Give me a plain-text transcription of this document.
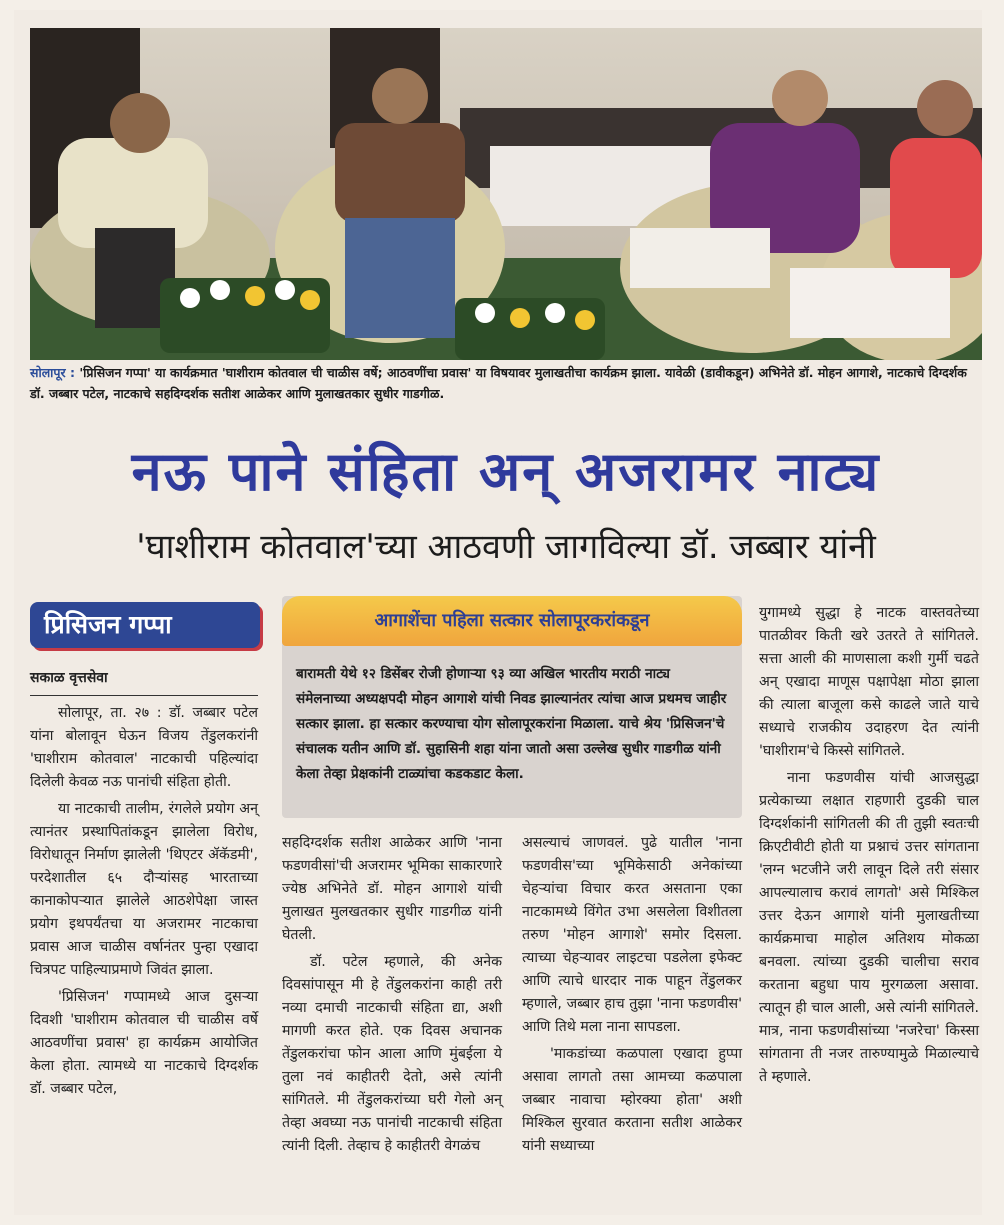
सोलापूर : 'प्रिसिजन गप्पा' या कार्यक्रमात 'घाशीराम कोतवाल ची चाळीस वर्षे; आठवणींचा प्रवास' या विषयावर मुलाखतीचा कार्यक्रम झाला. यावेळी (डावीकडून) अभिनेते डॉ. मोहन आगाशे, नाटकाचे दिग्दर्शक डॉ. जब्बार पटेल, नाटकाचे सहदिग्दर्शक सतीश आळेकर आणि मुलाखतकार सुधीर गाडगीळ.
नऊ पाने संहिता अन् अजरामर नाट्य
'घाशीराम कोतवाल'च्या आठवणी जागविल्या डॉ. जब्बार यांनी
प्रिसिजन गप्पा
सकाळ वृत्तसेवा

सोलापूर, ता. २७ : डॉ. जब्बार पटेल यांना बोलावून घेऊन विजय तेंडुलकरांनी 'घाशीराम कोतवाल' नाटकाची पहिल्यांदा दिलेली केवळ नऊ पानांची संहिता होती.

या नाटकाची तालीम, रंगलेले प्रयोग अन् त्यानंतर प्रस्थापितांकडून झालेला विरोध, विरोधातून निर्माण झालेली 'थिएटर ॲकॅडमी', परदेशातील ६५ दौऱ्यांसह भारताच्या कानाकोपऱ्यात झालेले आठशेपेक्षा जास्त प्रयोग इथपर्यंतचा या अजरामर नाटकाचा प्रवास आज चाळीस वर्षानंतर पुन्हा एखादा चित्रपट पाहिल्याप्रमाणे जिवंत झाला.

'प्रिसिजन' गप्पामध्ये आज दुसऱ्या दिवशी 'घाशीराम कोतवाल ची चाळीस वर्षे आठवणींचा प्रवास' हा कार्यक्रम आयोजित केला होता. त्यामध्ये या नाटकाचे दिग्दर्शक डॉ. जब्बार पटेल,

आगाशेंचा पहिला सत्कार सोलापूरकरांकडून
बारामती येथे १२ डिसेंबर रोजी होणाऱ्या ९३ व्या अखिल भारतीय मराठी नाट्य संमेलनाच्या अध्यक्षपदी मोहन आगाशे यांची निवड झाल्यानंतर त्यांचा आज प्रथमच जाहीर सत्कार झाला. हा सत्कार करण्याचा योग सोलापूरकरांना मिळाला. याचे श्रेय 'प्रिसिजन'चे संचालक यतीन आणि डॉ. सुहासिनी शहा यांना जातो असा उल्लेख सुधीर गाडगीळ यांनी केला तेव्हा प्रेक्षकांनी टाळ्यांचा कडकडाट केला.

सहदिग्दर्शक सतीश आळेकर आणि 'नाना फडणवीसां'ची अजरामर भूमिका साकारणारे ज्येष्ठ अभिनेते डॉ. मोहन आगाशे यांची मुलाखत मुलखतकार सुधीर गाडगीळ यांनी घेतली.

डॉ. पटेल म्हणाले, की अनेक दिवसांपासून मी हे तेंडुलकरांना काही तरी नव्या दमाची नाटकाची संहिता द्या, अशी मागणी करत होते. एक दिवस अचानक तेंडुलकरांचा फोन आला आणि मुंबईला ये तुला नवं काहीतरी देतो, असे त्यांनी सांगितले. मी तेंडुलकरांच्या घरी गेलो अन् तेव्हा अवघ्या नऊ पानांची नाटकाची संहिता त्यांनी दिली. तेव्हाच हे काहीतरी वेगळंच

असल्याचं जाणवलं. पुढे यातील 'नाना फडणवीस'च्या भूमिकेसाठी अनेकांच्या चेहऱ्यांचा विचार करत असताना एका नाटकामध्ये विंगेत उभा असलेला विशीतला तरुण 'मोहन आगाशे' समोर दिसला. त्याच्या चेहऱ्यावर लाइटचा पडलेला इफेक्ट आणि त्याचे धारदार नाक पाहून तेंडुलकर म्हणाले, जब्बार हाच तुझा 'नाना फडणवीस' आणि तिथे मला नाना सापडला.

'माकडांच्या कळपाला एखादा हुप्पा असावा लागतो तसा आमच्या कळपाला जब्बार नावाचा म्होरक्या होता' अशी मिश्किल सुरवात करताना सतीश आळेकर यांनी सध्याच्या

युगामध्ये सुद्धा हे नाटक वास्तवतेच्या पातळीवर किती खरे उतरते ते सांगितले. सत्ता आली की माणसाला कशी गुर्मी चढते अन् एखादा माणूस पक्षापेक्षा मोठा झाला की त्याला बाजूला कसे काढले जाते याचे सध्याचे राजकीय उदाहरण देत त्यांनी 'घाशीराम'चे किस्से सांगितले.

नाना फडणवीस यांची आजसुद्धा प्रत्येकाच्या लक्षात राहणारी दुडकी चाल दिग्दर्शकांनी सांगितली की ती तुझी स्वतःची क्रिएटीवीटी होती या प्रश्नाचं उत्तर सांगताना 'लग्न भटजीने जरी लावून दिले तरी संसार आपल्यालाच करावं लागतो' असे मिश्किल उत्तर देऊन आगाशे यांनी मुलाखतीच्या कार्यक्रमाचा माहोल अतिशय मोकळा बनवला. त्यांच्या दुडकी चालीचा सराव करताना बहुधा पाय मुरगळला असावा. त्यातून ही चाल आली, असे त्यांनी सांगितले. मात्र, नाना फडणवीसांच्या 'नजरेचा' किस्सा सांगताना ती नजर तारुण्यामुळे मिळाल्याचे ते म्हणाले.
